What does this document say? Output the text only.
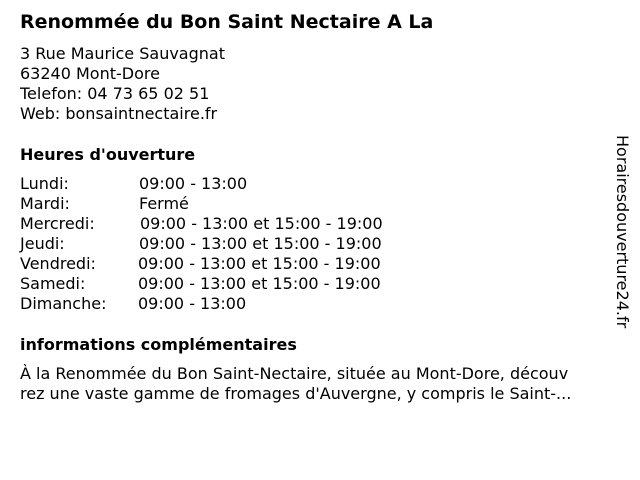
Renommée du Bon Saint Nectaire A La
3 Rue Maurice Sauvagnat
63240 Mont-Dore
Telefon: 04 73 65 02 51
Web: bonsaintnectaire.fr
Heures d'ouverture
Lundi:	09:00 - 13:00
Mardi:	Fermé
Mercredi:	09:00 - 13:00 et 15:00 - 19:00
Jeudi:	09:00 - 13:00 et 15:00 - 19:00
Vendredi:	09:00 - 13:00 et 15:00 - 19:00
Samedi:	09:00 - 13:00 et 15:00 - 19:00
Dimanche: 09:00 - 13:00
informations complémentaires
À la Renommée du Bon Saint-Nectaire, située au Mont-Dore, découv
rez une vaste gamme de fromages d'Auvergne, y compris le Saint-...
Horairesdouverture24.fr
